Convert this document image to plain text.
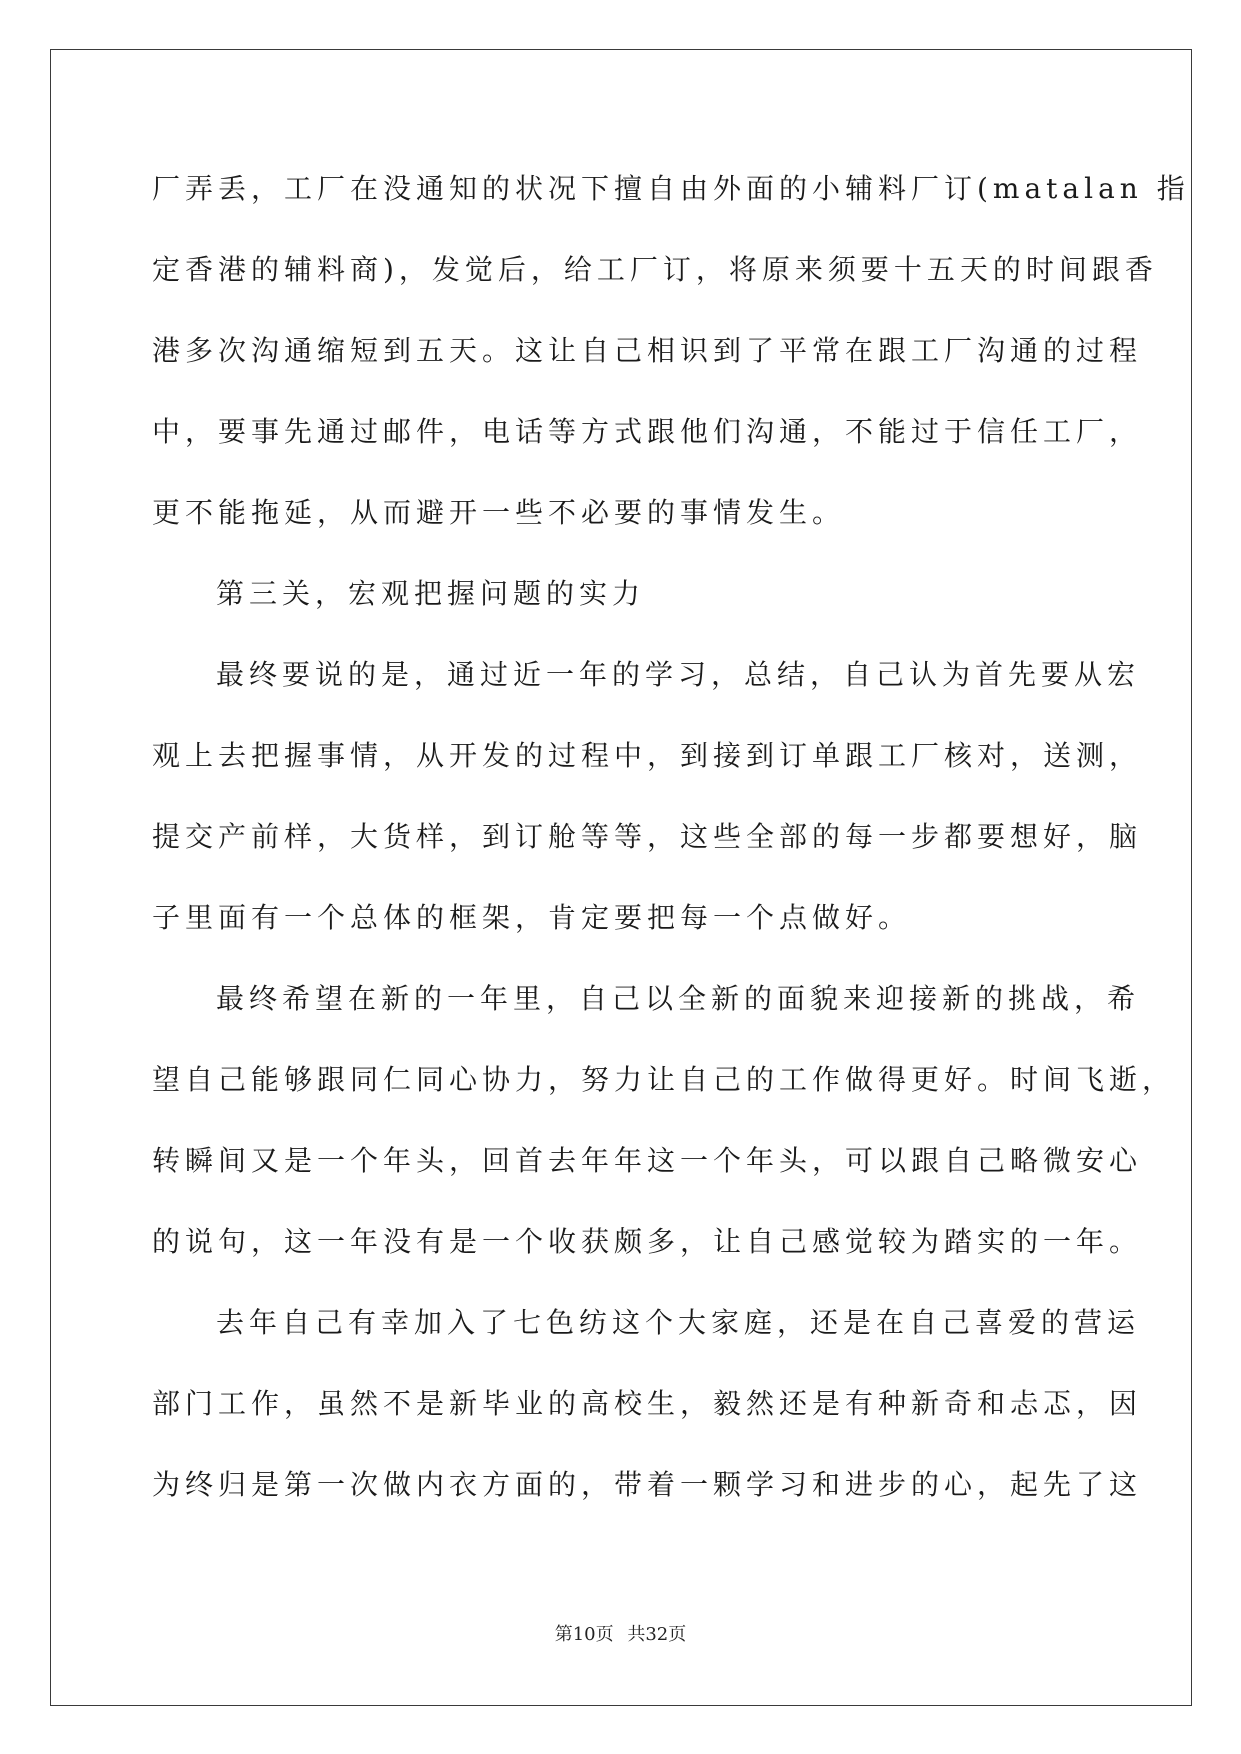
厂弄丢，工厂在没通知的状况下擅自由外面的小辅料厂订(matalan 指
定香港的辅料商)，发觉后，给工厂订，将原来须要十五天的时间跟香
港多次沟通缩短到五天。这让自己相识到了平常在跟工厂沟通的过程
中，要事先通过邮件，电话等方式跟他们沟通，不能过于信任工厂，
更不能拖延，从而避开一些不必要的事情发生。
第三关，宏观把握问题的实力
最终要说的是，通过近一年的学习，总结，自己认为首先要从宏
观上去把握事情，从开发的过程中，到接到订单跟工厂核对，送测，
提交产前样，大货样，到订舱等等，这些全部的每一步都要想好，脑
子里面有一个总体的框架，肯定要把每一个点做好。
最终希望在新的一年里，自己以全新的面貌来迎接新的挑战，希
望自己能够跟同仁同心协力，努力让自己的工作做得更好。时间飞逝，
转瞬间又是一个年头，回首去年年这一个年头，可以跟自己略微安心
的说句，这一年没有是一个收获颇多，让自己感觉较为踏实的一年。
去年自己有幸加入了七色纺这个大家庭，还是在自己喜爱的营运
部门工作，虽然不是新毕业的高校生，毅然还是有种新奇和忐忑，因
为终归是第一次做内衣方面的，带着一颗学习和进步的心，起先了这
第10页 共32页
